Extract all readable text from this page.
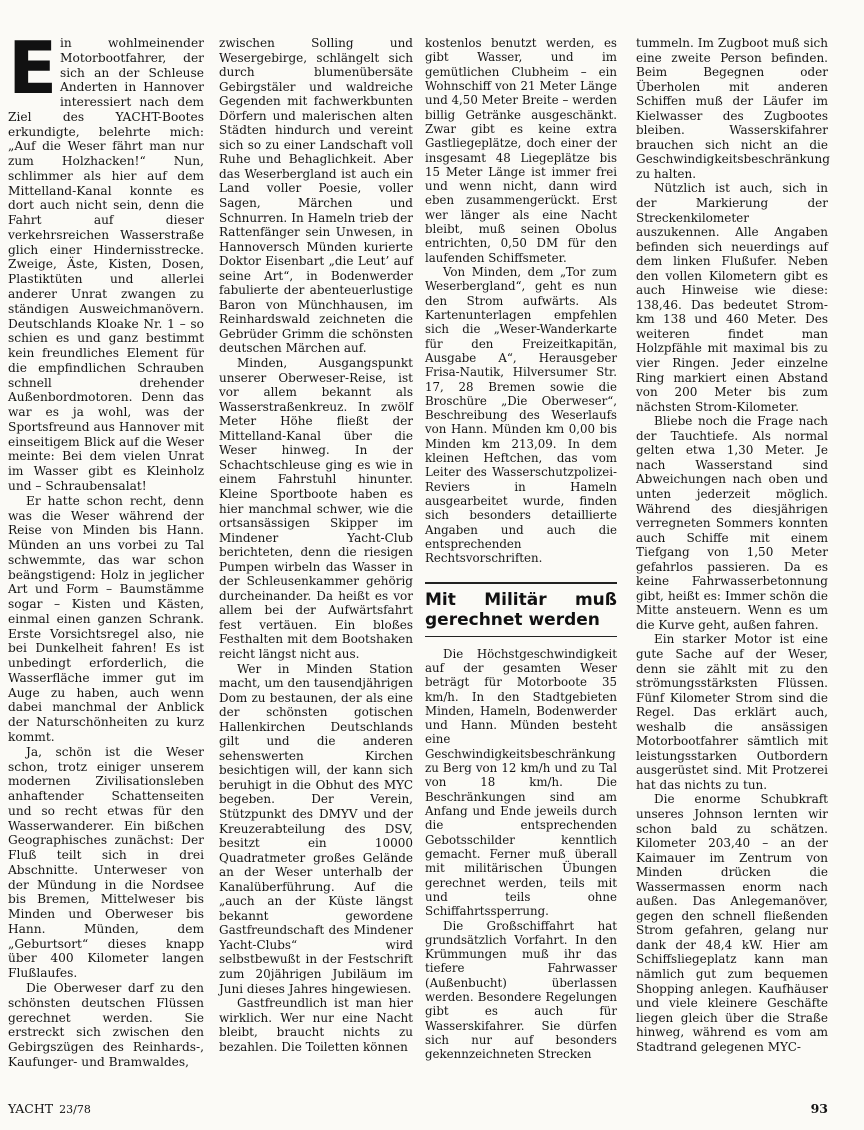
E in wohlmeinender Motorbootfahrer, der sich an der Schleuse Anderten in Hannover interessiert nach dem Ziel des YACHT-Bootes erkundigte, belehrte mich: „Auf die Weser fährt man nur zum Holzhacken!“ Nun, schlimmer als hier auf dem Mittelland-Kanal konnte es dort auch nicht sein, denn die Fahrt auf dieser verkehrsreichen Wasserstraße glich einer Hindernisstrecke. Zweige, Äste, Kisten, Dosen, Plastiktüten und allerlei anderer Unrat zwangen zu ständigen Ausweichmanövern. Deutschlands Kloake Nr. 1 – so schien es und ganz bestimmt kein freundliches Element für die empfindlichen Schrauben schnell drehender Außenbordmotoren. Denn das war es ja wohl, was der Sportsfreund aus Hannover mit einseitigem Blick auf die Weser meinte: Bei dem vielen Unrat im Wasser gibt es Kleinholz und – Schraubensalat!

Er hatte schon recht, denn was die Weser während der Reise von Minden bis Hann. Münden an uns vorbei zu Tal schwemmte, das war schon beängstigend: Holz in jeglicher Art und Form – Baumstämme sogar – Kisten und Kästen, einmal einen ganzen Schrank. Erste Vorsichtsregel also, nie bei Dunkelheit fahren! Es ist unbedingt erforderlich, die Wasserfläche immer gut im Auge zu haben, auch wenn dabei manchmal der Anblick der Naturschönheiten zu kurz kommt.

Ja, schön ist die Weser schon, trotz einiger unserem modernen Zivilisationsleben anhaftender Schattenseiten und so recht etwas für den Wasserwanderer. Ein bißchen Geographisches zunächst: Der Fluß teilt sich in drei Abschnitte. Unterweser von der Mündung in die Nordsee bis Bremen, Mittelweser bis Minden und Oberweser bis Hann. Münden, dem „Geburtsort“ dieses knapp über 400 Kilometer langen Flußlaufes.

Die Oberweser darf zu den schönsten deutschen Flüssen gerechnet werden. Sie erstreckt sich zwischen den Gebirgszügen des Reinhards-, Kaufunger- und Bramwaldes,

zwischen Solling und Wesergebirge, schlängelt sich durch blumenübersäte Gebirgstäler und waldreiche Gegenden mit fachwerkbunten Dörfern und malerischen alten Städten hindurch und vereint sich so zu einer Landschaft voll Ruhe und Behaglichkeit. Aber das Weserbergland ist auch ein Land voller Poesie, voller Sagen, Märchen und Schnurren. In Hameln trieb der Rattenfänger sein Unwesen, in Hannoversch Münden kurierte Doktor Eisenbart „die Leut’ auf seine Art“, in Bodenwerder fabulierte der abenteuerlustige Baron von Münchhausen, im Reinhardswald zeichneten die Gebrüder Grimm die schönsten deutschen Märchen auf.

Minden, Ausgangspunkt unserer Oberweser-Reise, ist vor allem bekannt als Wasserstraßenkreuz. In zwölf Meter Höhe fließt der Mittelland-Kanal über die Weser hinweg. In der Schachtschleuse ging es wie in einem Fahrstuhl hinunter. Kleine Sportboote haben es hier manchmal schwer, wie die ortsansässigen Skipper im Mindener Yacht-Club berichteten, denn die riesigen Pumpen wirbeln das Wasser in der Schleusenkammer gehörig durcheinander. Da heißt es vor allem bei der Aufwärtsfahrt fest vertäuen. Ein bloßes Festhalten mit dem Bootshaken reicht längst nicht aus.

Wer in Minden Station macht, um den tausendjährigen Dom zu bestaunen, der als eine der schönsten gotischen Hallenkirchen Deutschlands gilt und die anderen sehenswerten Kirchen besichtigen will, der kann sich beruhigt in die Obhut des MYC begeben. Der Verein, Stützpunkt des DMYV und der Kreuzerabteilung des DSV, besitzt ein 10000 Quadratmeter großes Gelände an der Weser unterhalb der Kanalüberführung. Auf die „auch an der Küste längst bekannt gewordene Gastfreundschaft des Mindener Yacht-Clubs“ wird selbstbewußt in der Festschrift zum 20jährigen Jubiläum im Juni dieses Jahres hingewiesen.

Gastfreundlich ist man hier wirklich. Wer nur eine Nacht bleibt, braucht nichts zu bezahlen. Die Toiletten können

kostenlos benutzt werden, es gibt Wasser, und im gemütlichen Clubheim – ein Wohnschiff von 21 Meter Länge und 4,50 Meter Breite – werden billig Getränke ausgeschänkt. Zwar gibt es keine extra Gastliegeplätze, doch einer der insgesamt 48 Liegeplätze bis 15 Meter Länge ist immer frei und wenn nicht, dann wird eben zusammengerückt. Erst wer länger als eine Nacht bleibt, muß seinen Obolus entrichten, 0,50 DM für den laufenden Schiffsmeter.

Von Minden, dem „Tor zum Weserbergland“, geht es nun den Strom aufwärts. Als Kartenunterlagen empfehlen sich die „Weser-Wanderkarte für den Freizeitkapitän, Ausgabe A“, Herausgeber Frisa-Nautik, Hilversumer Str. 17, 28 Bremen sowie die Broschüre „Die Oberweser“, Beschreibung des Weserlaufs von Hann. Münden km 0,00 bis Minden km 213,09. In dem kleinen Heftchen, das vom Leiter des Wasserschutzpolizei-Reviers in Hameln ausgearbeitet wurde, finden sich besonders detaillierte Angaben und auch die entsprechenden Rechtsvorschriften.

Mit Militär muß gerechnet werden

Die Höchstgeschwindigkeit auf der gesamten Weser beträgt für Motorboote 35 km/h. In den Stadtgebieten Minden, Hameln, Bodenwerder und Hann. Münden besteht eine Geschwindigkeitsbeschränkung zu Berg von 12 km/h und zu Tal von 18 km/h. Die Beschränkungen sind am Anfang und Ende jeweils durch die entsprechenden Gebotsschilder kenntlich gemacht. Ferner muß überall mit militärischen Übungen gerechnet werden, teils mit und teils ohne Schiffahrtssperrung.

Die Großschiffahrt hat grundsätzlich Vorfahrt. In den Krümmungen muß ihr das tiefere Fahrwasser (Außenbucht) überlassen werden. Besondere Regelungen gibt es auch für Wasserskifahrer. Sie dürfen sich nur auf besonders gekennzeichneten Strecken

tummeln. Im Zugboot muß sich eine zweite Person befinden. Beim Begegnen oder Überholen mit anderen Schiffen muß der Läufer im Kielwasser des Zugbootes bleiben. Wasserskifahrer brauchen sich nicht an die Geschwindigkeitsbeschränkung zu halten.

Nützlich ist auch, sich in der Markierung der Streckenkilometer auszukennen. Alle Angaben befinden sich neuerdings auf dem linken Flußufer. Neben den vollen Kilometern gibt es auch Hinweise wie diese: 138,46. Das bedeutet Strom-km 138 und 460 Meter. Des weiteren findet man Holzpfähle mit maximal bis zu vier Ringen. Jeder einzelne Ring markiert einen Abstand von 200 Meter bis zum nächsten Strom-Kilometer.

Bliebe noch die Frage nach der Tauchtiefe. Als normal gelten etwa 1,30 Meter. Je nach Wasserstand sind Abweichungen nach oben und unten jederzeit möglich. Während des diesjährigen verregneten Sommers konnten auch Schiffe mit einem Tiefgang von 1,50 Meter gefahrlos passieren. Da es keine Fahrwasserbetonnung gibt, heißt es: Immer schön die Mitte ansteuern. Wenn es um die Kurve geht, außen fahren.

Ein starker Motor ist eine gute Sache auf der Weser, denn sie zählt mit zu den strömungsstärksten Flüssen. Fünf Kilometer Strom sind die Regel. Das erklärt auch, weshalb die ansässigen Motorbootfahrer sämtlich mit leistungsstarken Outbordern ausgerüstet sind. Mit Protzerei hat das nichts zu tun.

Die enorme Schubkraft unseres Johnson lernten wir schon bald zu schätzen. Kilometer 203,40 – an der Kaimauer im Zentrum von Minden drücken die Wassermassen enorm nach außen. Das Anlegemanöver, gegen den schnell fließenden Strom gefahren, gelang nur dank der 48,4 kW. Hier am Schiffsliegeplatz kann man nämlich gut zum bequemen Shopping anlegen. Kaufhäuser und viele kleinere Geschäfte liegen gleich über die Straße hinweg, während es vom am Stadtrand gelegenen MYC-

YACHT 23/78	93
